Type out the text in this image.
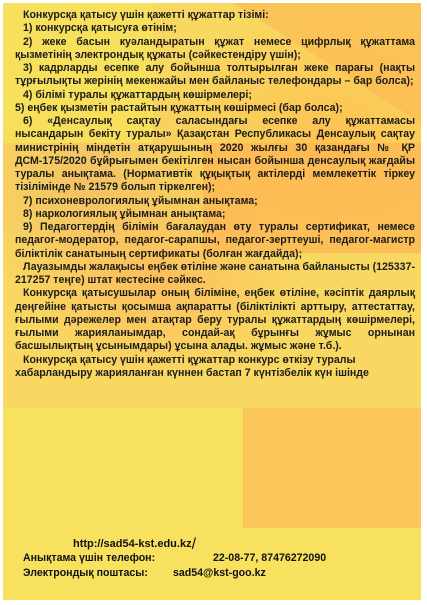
Конкурсқа қатысу үшін қажетті құжаттар тізімі:

1) конкурсқа қатысуға өтінім;

2) жеке басын куәландыратын құжат немесе цифрлық құжаттама қызметінің электрондық құжаты (сәйкестендіру үшін);

3) кадрларды есепке алу бойынша толтырылған жеке парағы (нақты тұрғылықты жерінің мекенжайы мен байланыс телефондары – бар болса);

4) білімі туралы құжаттардың көшірмелері;

5) еңбек қызметін растайтын құжаттың көшірмесі (бар болса);

6) «Денсаулық сақтау саласындағы есепке алу құжаттамасы нысандарын бекіту туралы» Қазақстан Республикасы Денсаулық сақтау министрінің міндетін атқарушының 2020 жылғы 30 қазандағы № ҚР ДСМ-175/2020 бұйрығымен бекітілген нысан бойынша денсаулық жағдайы туралы анықтама. (Нормативтік құқықтық актілерді мемлекеттік тіркеу тізілімінде № 21579 болып тіркелген);

7) психоневрологиялық ұйымнан анықтама;

8) наркологиялық ұйымнан анықтама;

9) Педагогтердің білімін бағалаудан өту туралы сертификат, немесе педагог-модератор, педагог-сарапшы, педагог-зерттеуші, педагог-магистр біліктілік санатының сертификаты (болған жағдайда);

Лауазымды жалақысы еңбек өтіліне және санатына байланысты (125337-217257 теңге) штат кестесіне сәйкес.

Конкурсқа қатысушылар оның біліміне, еңбек өтіліне, кәсіптік даярлық деңгейіне қатысты қосымша ақпаратты (біліктілікті арттыру, аттестаттау, ғылыми дәрежелер мен атақтар беру туралы құжаттардың көшірмелері, ғылыми жарияланымдар, сондай-ақ бұрынғы жұмыс орнынан басшылықтың ұсынымдары) ұсына алады. жұмыс және т.б.).

Конкурсқа қатысу үшін қажетті құжаттар конкурс өткізу туралы хабарландыру жарияланған күннен бастап 7 күнтізбелік күн ішінде

http://sad54-kst.edu.kz/
Анықтама үшін телефон:	22-08-77, 87476272090
Электрондық поштасы: sad54@kst-goo.kz
